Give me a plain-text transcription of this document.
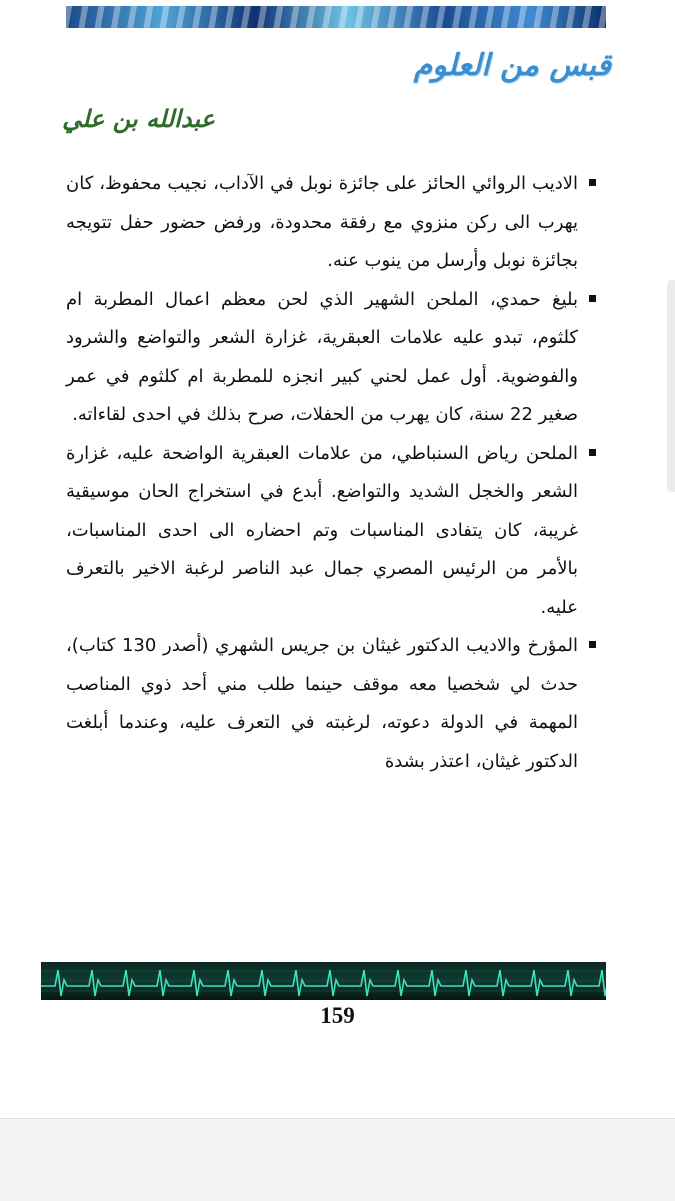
قبس من العلوم
عبدالله بن علي
الاديب الروائي الحائز على جائزة نوبل في الآداب، نجيب محفوظ، كان يهرب الى ركن منزوي مع رفقة محدودة، ورفض حضور حفل تتويجه بجائزة نوبل وأرسل من ينوب عنه.
بليغ حمدي، الملحن الشهير الذي لحن معظم اعمال المطربة ام كلثوم، تبدو عليه علامات العبقرية، غزارة الشعر والتواضع والشرود والفوضوية. أول عمل لحني كبير انجزه للمطربة ام كلثوم في عمر صغير 22 سنة، كان يهرب من الحفلات، صرح بذلك في احدى لقاءاته.
الملحن رياض السنباطي، من علامات العبقرية الواضحة عليه، غزارة الشعر والخجل الشديد والتواضع. أبدع في استخراج الحان موسيقية غريبة، كان يتفادى المناسبات وتم احضاره الى احدى المناسبات، بالأمر من الرئيس المصري جمال عبد الناصر لرغبة الاخير بالتعرف عليه.
المؤرخ والاديب الدكتور غيثان بن جريس الشهري (أصدر 130 كتاب)، حدث لي شخصيا معه موقف حينما طلب مني أحد ذوي المناصب المهمة في الدولة دعوته، لرغبته في التعرف عليه، وعندما أبلغت الدكتور غيثان، اعتذر بشدة
159
